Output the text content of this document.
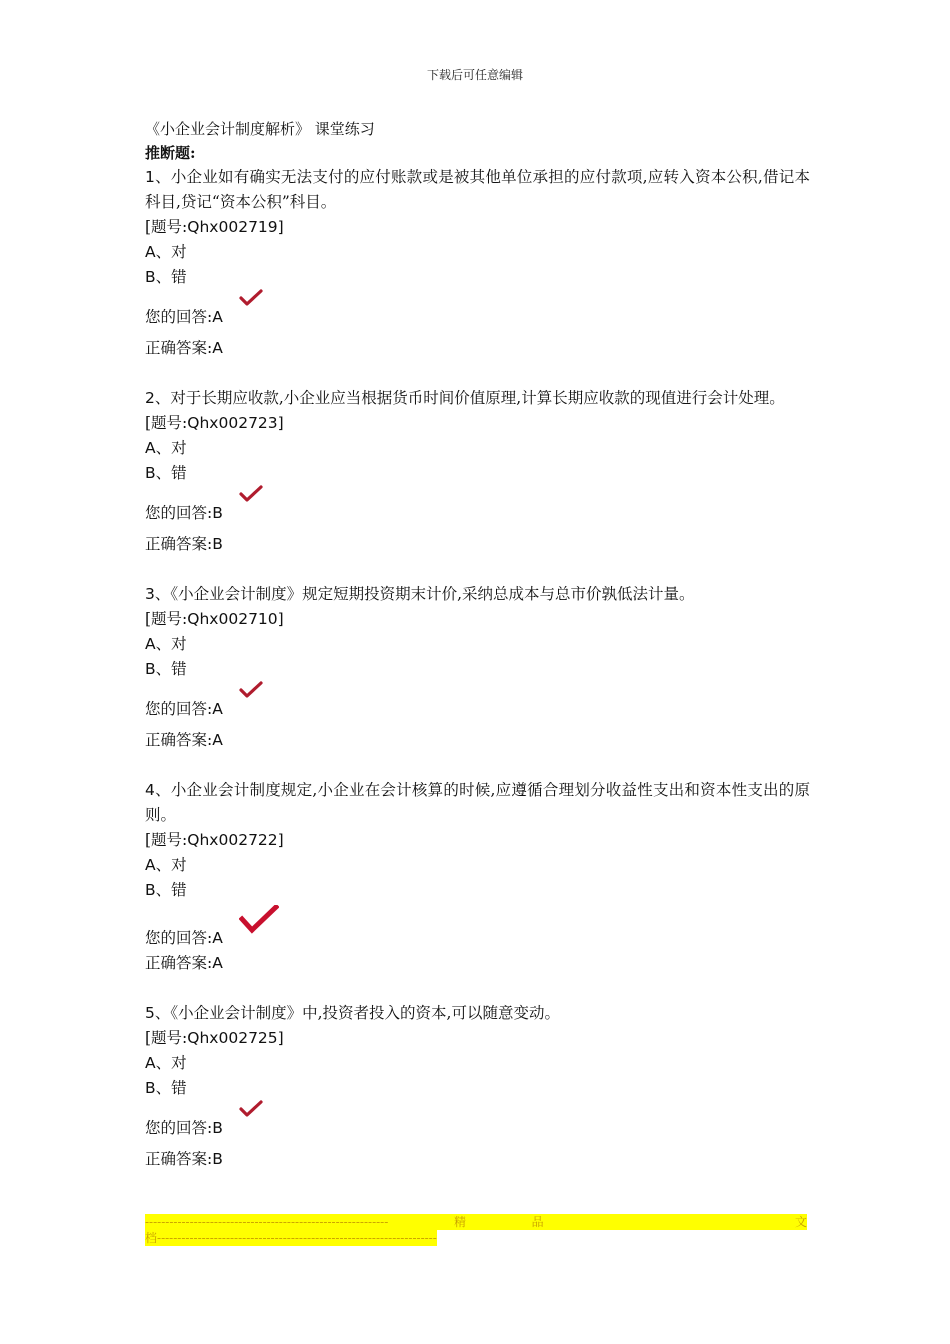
下载后可任意编辑

《小企业会计制度解析》 课堂练习

推断题:

1、小企业如有确实无法支付的应付账款或是被其他单位承担的应付款项,应转入资本公积,借记本科目,贷记“资本公积”科目。
[题号:Qhx002719]
A、对
B、错
您的回答:A
正确答案:A
2、对于长期应收款,小企业应当根据货币时间价值原理,计算长期应收款的现值进行会计处理。
[题号:Qhx002723]
A、对
B、错
您的回答:B
正确答案:B
3、《小企业会计制度》规定短期投资期末计价,采纳总成本与总市价孰低法计量。
[题号:Qhx002710]
A、对
B、错
您的回答:A
正确答案:A
4、小企业会计制度规定,小企业在会计核算的时候,应遵循合理划分收益性支出和资本性支出的原则。
[题号:Qhx002722]
A、对
B、错
您的回答:A
正确答案:A
5、《小企业会计制度》中,投资者投入的资本,可以随意变动。
[题号:Qhx002725]
A、对
B、错
您的回答:B
正确答案:B
------------------------------------------------------------	精	品	文
档---------------------------------------------------------------------
